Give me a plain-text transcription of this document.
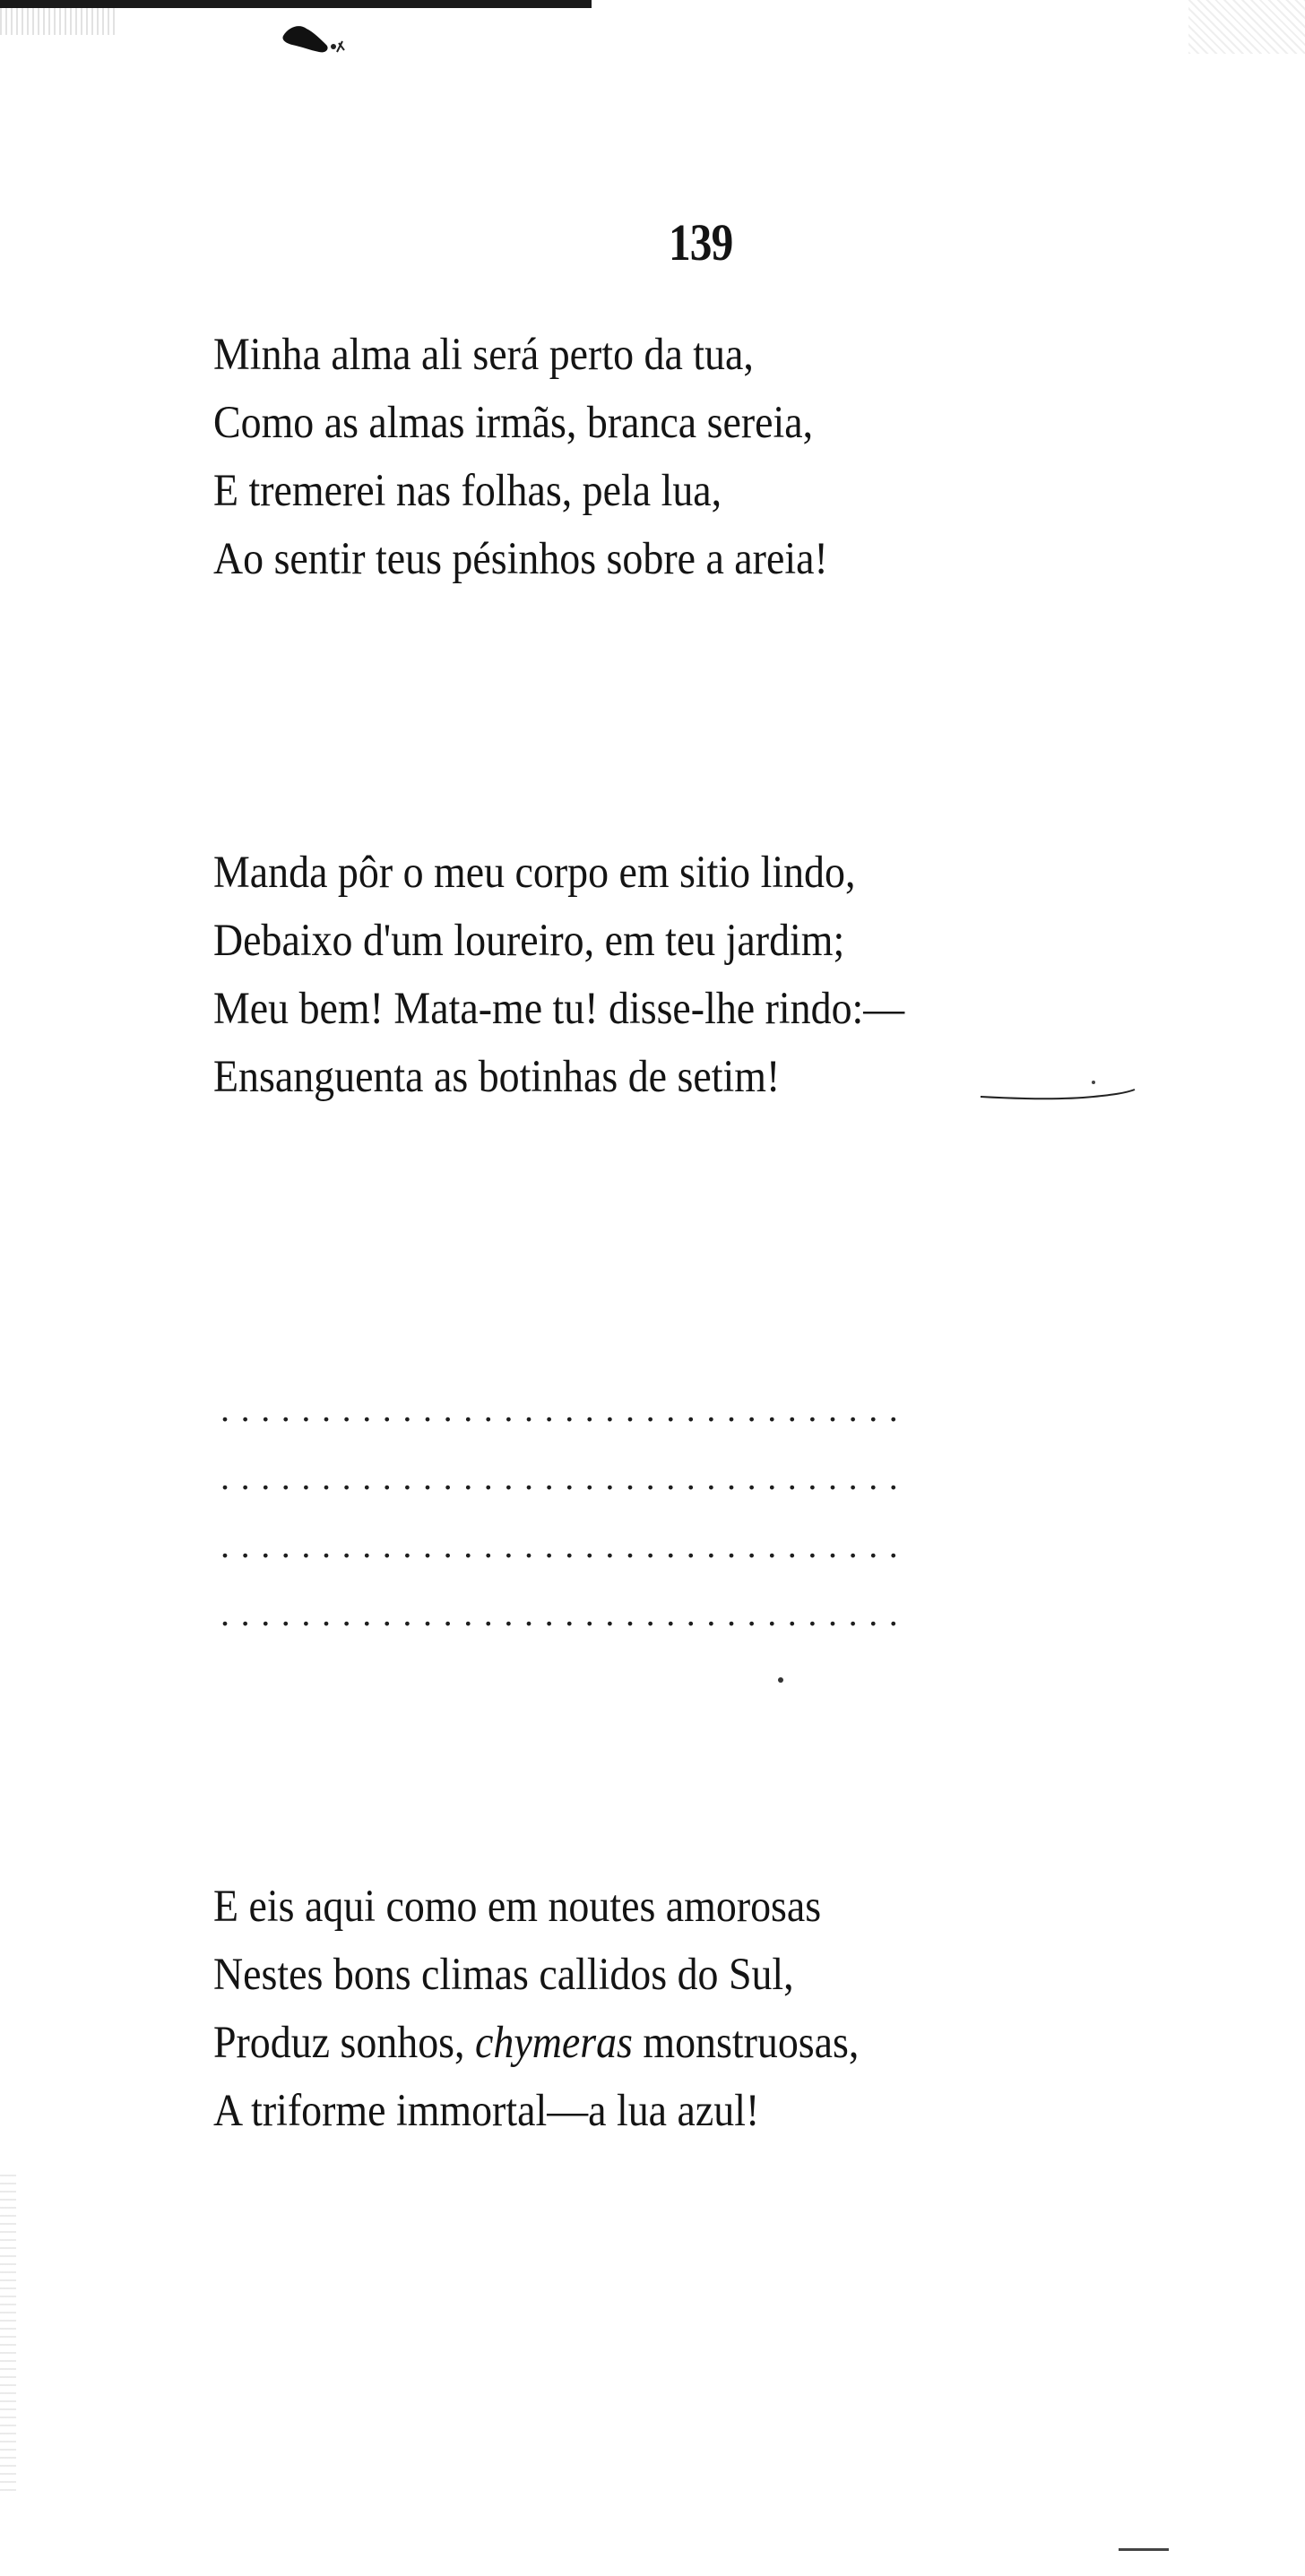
139
Minha alma ali será perto da tua,
Como as almas irmãs, branca sereia,
E tremerei nas folhas, pela lua,
Ao sentir teus pésinhos sobre a areia!
Manda pôr o meu corpo em sitio lindo,
Debaixo d'um loureiro, em teu jardim;
Meu bem! Mata-me tu! disse-lhe rindo:—
Ensanguenta as botinhas de setim!
..................................
..................................
..................................
..................................
E eis aqui como em noutes amorosas
Nestes bons climas callidos do Sul,
Produz sonhos, chymeras monstruosas,
A triforme immortal—a lua azul!
